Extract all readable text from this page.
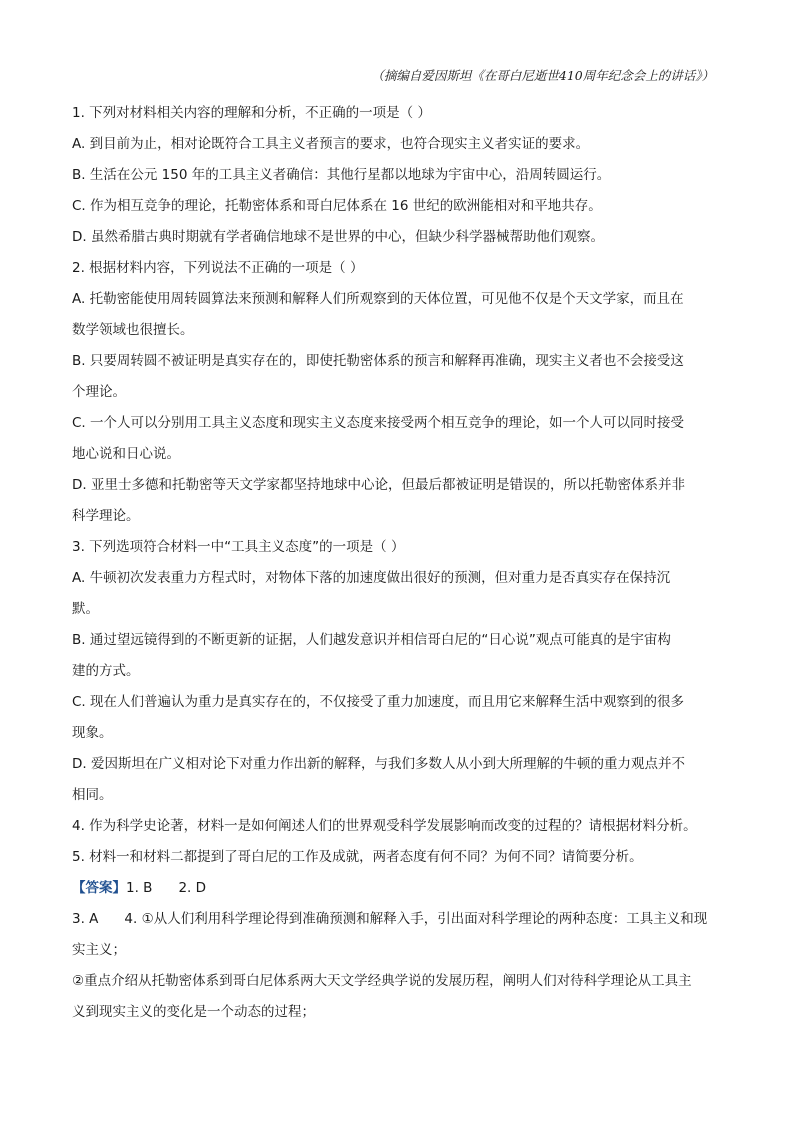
（摘编自爱因斯坦《在哥白尼逝世410周年纪念会上的讲话》）
1. 下列对材料相关内容的理解和分析，不正确的一项是（ ）
A. 到目前为止，相对论既符合工具主义者预言的要求，也符合现实主义者实证的要求。
B. 生活在公元 150 年的工具主义者确信：其他行星都以地球为宇宙中心，沿周转圆运行。
C. 作为相互竞争的理论，托勒密体系和哥白尼体系在 16 世纪的欧洲能相对和平地共存。
D. 虽然希腊古典时期就有学者确信地球不是世界的中心，但缺少科学器械帮助他们观察。
2. 根据材料内容，下列说法不正确的一项是（ ）
A. 托勒密能使用周转圆算法来预测和解释人们所观察到的天体位置，可见他不仅是个天文学家，而且在
数学领域也很擅长。
B. 只要周转圆不被证明是真实存在的，即使托勒密体系的预言和解释再准确，现实主义者也不会接受这
个理论。
C. 一个人可以分别用工具主义态度和现实主义态度来接受两个相互竞争的理论，如一个人可以同时接受
地心说和日心说。
D. 亚里士多德和托勒密等天文学家都坚持地球中心论，但最后都被证明是错误的，所以托勒密体系并非
科学理论。
3. 下列选项符合材料一中“工具主义态度”的一项是（ ）
A. 牛顿初次发表重力方程式时，对物体下落的加速度做出很好的预测，但对重力是否真实存在保持沉
默。
B. 通过望远镜得到的不断更新的证据，人们越发意识并相信哥白尼的“日心说”观点可能真的是宇宙构
建的方式。
C. 现在人们普遍认为重力是真实存在的，不仅接受了重力加速度，而且用它来解释生活中观察到的很多
现象。
D. 爱因斯坦在广义相对论下对重力作出新的解释，与我们多数人从小到大所理解的牛顿的重力观点并不
相同。
4. 作为科学史论著，材料一是如何阐述人们的世界观受科学发展影响而改变的过程的？请根据材料分析。
5. 材料一和材料二都提到了哥白尼的工作及成就，两者态度有何不同？为何不同？请简要分析。
【答案】1. B 2. D
3. A 4. ①从人们利用科学理论得到准确预测和解释入手，引出面对科学理论的两种态度：工具主义和现
实主义；
②重点介绍从托勒密体系到哥白尼体系两大天文学经典学说的发展历程，阐明人们对待科学理论从工具主
义到现实主义的变化是一个动态的过程；
